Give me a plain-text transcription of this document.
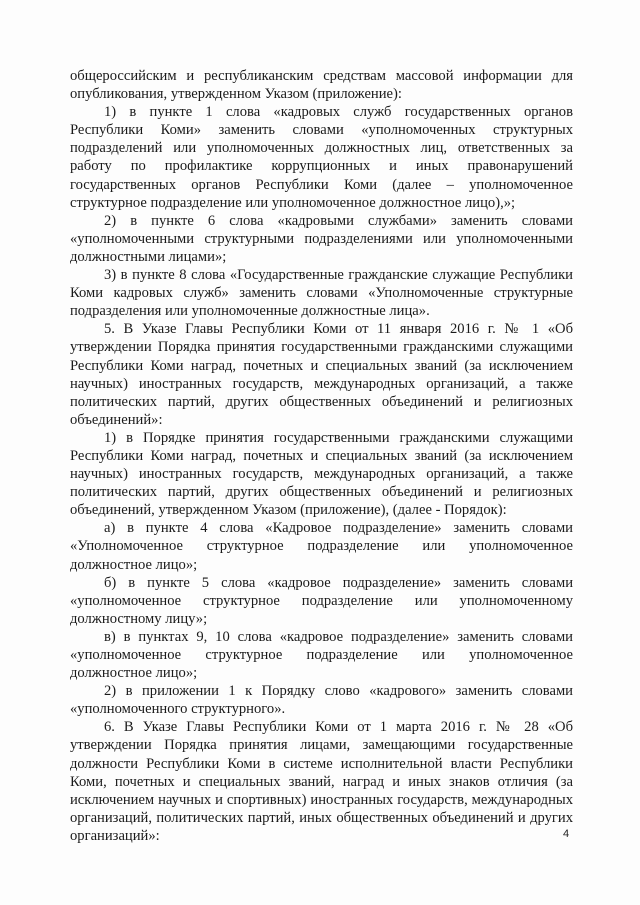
общероссийским и республиканским средствам массовой информации для опубликования, утвержденном Указом (приложение):

1) в пункте 1 слова «кадровых служб государственных органов Республики Коми» заменить словами «уполномоченных структурных подразделений или уполномоченных должностных лиц, ответственных за работу по профилактике коррупционных и иных правонарушений государственных органов Республики Коми (далее – уполномоченное структурное подразделение или уполномоченное должностное лицо),»;

2) в пункте 6 слова «кадровыми службами» заменить словами «уполномоченными структурными подразделениями или уполномоченными должностными лицами»;

3) в пункте 8 слова «Государственные гражданские служащие Республики Коми кадровых служб» заменить словами «Уполномоченные структурные подразделения или уполномоченные должностные лица».

5. В Указе Главы Республики Коми от 11 января 2016 г. № 1 «Об утверждении Порядка принятия государственными гражданскими служащими Республики Коми наград, почетных и специальных званий (за исключением научных) иностранных государств, международных организаций, а также политических партий, других общественных объединений и религиозных объединений»:

1) в Порядке принятия государственными гражданскими служащими Республики Коми наград, почетных и специальных званий (за исключением научных) иностранных государств, международных организаций, а также политических партий, других общественных объединений и религиозных объединений, утвержденном Указом (приложение), (далее - Порядок):

а) в пункте 4 слова «Кадровое подразделение» заменить словами «Уполномоченное структурное подразделение или уполномоченное должностное лицо»;

б) в пункте 5 слова «кадровое подразделение» заменить словами «уполномоченное структурное подразделение или уполномоченному должностному лицу»;

в) в пунктах 9, 10 слова «кадровое подразделение» заменить словами «уполномоченное структурное подразделение или уполномоченное должностное лицо»;

2) в приложении 1 к Порядку слово «кадрового» заменить словами «уполномоченного структурного».

6. В Указе Главы Республики Коми от 1 марта 2016 г. № 28 «Об утверждении Порядка принятия лицами, замещающими государственные должности Республики Коми в системе исполнительной власти Республики Коми, почетных и специальных званий, наград и иных знаков отличия (за исключением научных и спортивных) иностранных государств, международных организаций, политических партий, иных общественных объединений и других организаций»:	4
